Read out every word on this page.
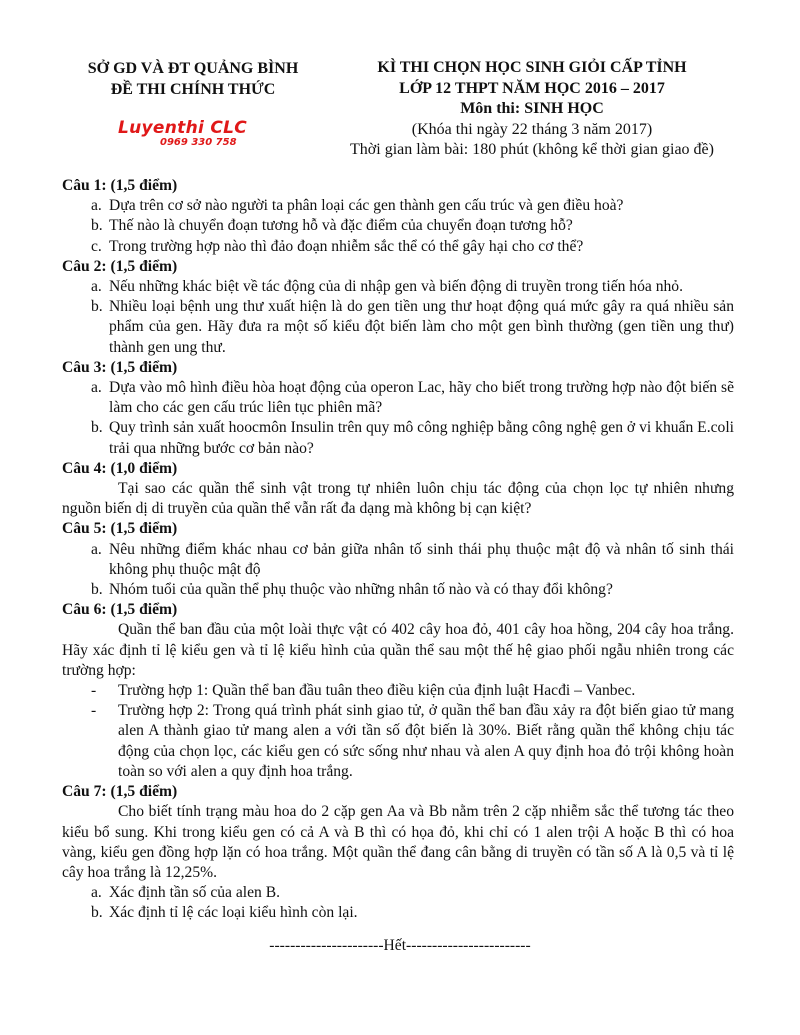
SỞ GD VÀ ĐT QUẢNG BÌNH
ĐỀ THI CHÍNH THỨC
Luyenthi CLC
0969 330 758
KÌ THI CHỌN HỌC SINH GIỎI CẤP TỈNH
LỚP 12 THPT NĂM HỌC 2016 – 2017
Môn thi: SINH HỌC
(Khóa thi ngày 22 tháng 3 năm 2017)
Thời gian làm bài: 180 phút (không kể thời gian giao đề)
Câu 1: (1,5 điểm)
a. Dựa trên cơ sở nào người ta phân loại các gen thành gen cấu trúc và gen điều hoà?
b. Thế nào là chuyển đoạn tương hỗ và đặc điểm của chuyển đoạn tương hỗ?
c. Trong trường hợp nào thì đảo đoạn nhiễm sắc thể có thể gây hại cho cơ thể?
Câu 2: (1,5 điểm)
a. Nếu những khác biệt về tác động của di nhập gen và biến động di truyền trong tiến hóa nhỏ.
b. Nhiều loại bệnh ung thư xuất hiện là do gen tiền ung thư hoạt động quá mức gây ra quá nhiều sản phẩm của gen. Hãy đưa ra một số kiểu đột biến làm cho một gen bình thường (gen tiền ung thư) thành gen ung thư.
Câu 3: (1,5 điểm)
a. Dựa vào mô hình điều hòa hoạt động của operon Lac, hãy cho biết trong trường hợp nào đột biến sẽ làm cho các gen cấu trúc liên tục phiên mã?
b. Quy trình sản xuất hoocmôn Insulin trên quy mô công nghiệp bằng công nghệ gen ở vi khuẩn E.coli trải qua những bước cơ bản nào?
Câu 4: (1,0 điểm)
Tại sao các quần thể sinh vật trong tự nhiên luôn chịu tác động của chọn lọc tự nhiên nhưng nguồn biến dị di truyền của quần thể vẫn rất đa dạng mà không bị cạn kiệt?
Câu 5: (1,5 điểm)
a. Nêu những điểm khác nhau cơ bản giữa nhân tố sinh thái phụ thuộc mật độ và nhân tố sinh thái không phụ thuộc mật độ
b. Nhóm tuổi của quần thể phụ thuộc vào những nhân tố nào và có thay đổi không?
Câu 6: (1,5 điểm)
Quần thể ban đầu của một loài thực vật có 402 cây hoa đỏ, 401 cây hoa hồng, 204 cây hoa trắng. Hãy xác định tỉ lệ kiểu gen và tỉ lệ kiểu hình của quần thể sau một thế hệ giao phối ngẫu nhiên trong các trường hợp:
- Trường hợp 1: Quần thể ban đầu tuân theo điều kiện của định luật Hacđi – Vanbec.
- Trường hợp 2: Trong quá trình phát sinh giao tử, ở quần thể ban đầu xảy ra đột biến giao tử mang alen A thành giao tử mang alen a với tần số đột biến là 30%. Biết rằng quần thể không chịu tác động của chọn lọc, các kiểu gen có sức sống như nhau và alen A quy định hoa đỏ trội không hoàn toàn so với alen a quy định hoa trắng.
Câu 7: (1,5 điểm)
Cho biết tính trạng màu hoa do 2 cặp gen Aa và Bb nằm trên 2 cặp nhiễm sắc thể tương tác theo kiểu bổ sung. Khi trong kiểu gen có cả A và B thì có họa đỏ, khi chỉ có 1 alen trội A hoặc B thì có hoa vàng, kiểu gen đồng hợp lặn có hoa trắng. Một quần thể đang cân bằng di truyền có tần số A là 0,5 và tỉ lệ cây hoa trắng là 12,25%.
a. Xác định tần số của alen B.
b. Xác định tỉ lệ các loại kiểu hình còn lại.
----------------------Hết------------------------
